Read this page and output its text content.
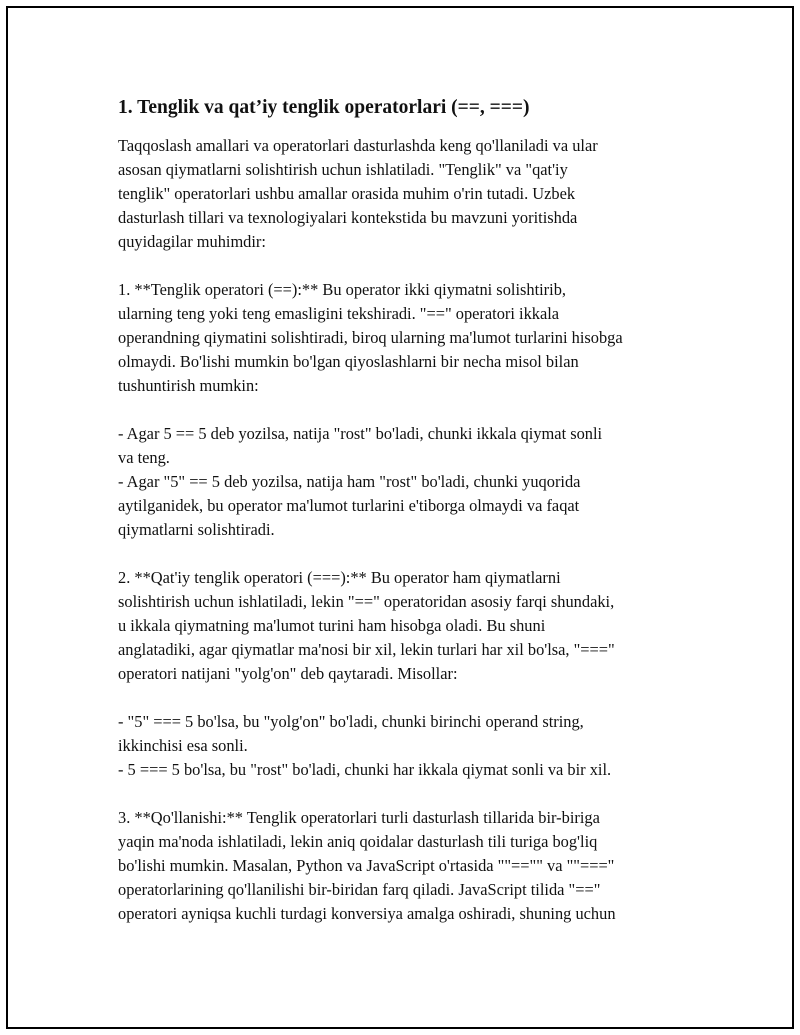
1. Tenglik va qat’iy tenglik operatorlari (==, ===)

Taqqoslash amallari va operatorlari dasturlashda keng qo'llaniladi va ular
asosan qiymatlarni solishtirish uchun ishlatiladi. "Tenglik" va "qat'iy
tenglik" operatorlari ushbu amallar orasida muhim o'rin tutadi. Uzbek
dasturlash tillari va texnologiyalari kontekstida bu mavzuni yoritishda
quyidagilar muhimdir:

1. **Tenglik operatori (==):** Bu operator ikki qiymatni solishtirib,
ularning teng yoki teng emasligini tekshiradi. "==" operatori ikkala
operandning qiymatini solishtiradi, biroq ularning ma'lumot turlarini hisobga
olmaydi. Bo'lishi mumkin bo'lgan qiyoslashlarni bir necha misol bilan
tushuntirish mumkin:

- Agar 5 == 5 deb yozilsa, natija "rost" bo'ladi, chunki ikkala qiymat sonli
va teng.
- Agar "5" == 5 deb yozilsa, natija ham "rost" bo'ladi, chunki yuqorida
aytilganidek, bu operator ma'lumot turlarini e'tiborga olmaydi va faqat
qiymatlarni solishtiradi.

2. **Qat'iy tenglik operatori (===):** Bu operator ham qiymatlarni
solishtirish uchun ishlatiladi, lekin "==" operatoridan asosiy farqi shundaki,
u ikkala qiymatning ma'lumot turini ham hisobga oladi. Bu shuni
anglatadiki, agar qiymatlar ma'nosi bir xil, lekin turlari har xil bo'lsa, "==="
operatori natijani "yolg'on" deb qaytaradi. Misollar:

- "5" === 5 bo'lsa, bu "yolg'on" bo'ladi, chunki birinchi operand string,
ikkinchisi esa sonli.
- 5 === 5 bo'lsa, bu "rost" bo'ladi, chunki har ikkala qiymat sonli va bir xil.

3. **Qo'llanishi:** Tenglik operatorlari turli dasturlash tillarida bir-biriga
yaqin ma'noda ishlatiladi, lekin aniq qoidalar dasturlash tili turiga bog'liq
bo'lishi mumkin. Masalan, Python va JavaScript o'rtasida ""=="" va ""==="
operatorlarining qo'llanilishi bir-biridan farq qiladi. JavaScript tilida "=="
operatori ayniqsa kuchli turdagi konversiya amalga oshiradi, shuning uchun
